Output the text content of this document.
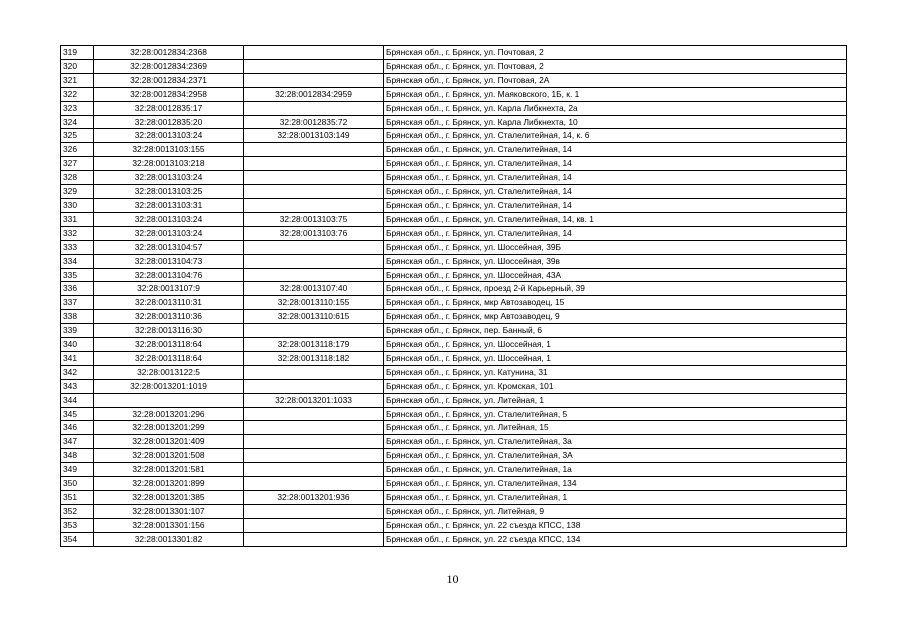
319	32:28:0012834:2368		Брянская обл., г. Брянск, ул. Почтовая, 2
320	32:28:0012834:2369		Брянская обл., г. Брянск, ул. Почтовая, 2
321	32:28:0012834:2371		Брянская обл., г. Брянск, ул. Почтовая, 2А
322	32:28:0012834:2958	32:28:0012834:2959	Брянская обл., г. Брянск, ул. Маяковского, 1Б, к. 1
323	32:28:0012835:17		Брянская обл., г. Брянск, ул. Карла Либкнехта, 2а
324	32:28:0012835:20	32:28:0012835:72	Брянская обл., г. Брянск, ул. Карла Либкнехта, 10
325	32:28:0013103:24	32:28:0013103:149	Брянская обл., г. Брянск, ул. Сталелитейная, 14, к. 6
326	32:28:0013103:155		Брянская обл., г. Брянск, ул. Сталелитейная, 14
327	32:28:0013103:218		Брянская обл., г. Брянск, ул. Сталелитейная, 14
328	32:28:0013103:24		Брянская обл., г. Брянск, ул. Сталелитейная, 14
329	32:28:0013103:25		Брянская обл., г. Брянск, ул. Сталелитейная, 14
330	32:28:0013103:31		Брянская обл., г. Брянск, ул. Сталелитейная, 14
331	32:28:0013103:24	32:28:0013103:75	Брянская обл., г. Брянск, ул. Сталелитейная, 14, кв. 1
332	32:28:0013103:24	32:28:0013103:76	Брянская обл., г. Брянск, ул. Сталелитейная, 14
333	32:28:0013104:57		Брянская обл., г. Брянск, ул. Шоссейная, 39Б
334	32:28:0013104:73		Брянская обл., г. Брянск, ул. Шоссейная, 39в
335	32:28:0013104:76		Брянская обл., г. Брянск, ул. Шоссейная, 43А
336	32:28:0013107:9	32:28:0013107:40	Брянская обл., г. Брянск, проезд 2-й Карьерный, 39
337	32:28:0013110:31	32:28:0013110:155	Брянская обл., г. Брянск, мкр Автозаводец, 15
338	32:28:0013110:36	32:28:0013110:615	Брянская обл., г. Брянск, мкр Автозаводец, 9
339	32:28:0013116:30		Брянская обл., г. Брянск, пер. Банный, 6
340	32:28:0013118:64	32:28:0013118:179	Брянская обл., г. Брянск, ул. Шоссейная, 1
341	32:28:0013118:64	32:28:0013118:182	Брянская обл., г. Брянск, ул. Шоссейная, 1
342	32:28:0013122:5		Брянская обл., г. Брянск, ул. Катунина, 31
343	32:28:0013201:1019		Брянская обл., г. Брянск, ул. Кромская, 101
344		32:28:0013201:1033	Брянская обл., г. Брянск, ул. Литейная, 1
345	32:28:0013201:296		Брянская обл., г. Брянск, ул. Сталелитейная, 5
346	32:28:0013201:299		Брянская обл., г. Брянск, ул. Литейная, 15
347	32:28:0013201:409		Брянская обл., г. Брянск, ул. Сталелитейная, 3а
348	32:28:0013201:508		Брянская обл., г. Брянск, ул. Сталелитейная, 3А
349	32:28:0013201:581		Брянская обл., г. Брянск, ул. Сталелитейная, 1а
350	32:28:0013201:899		Брянская обл., г. Брянск, ул. Сталелитейная, 134
351	32:28:0013201:385	32:28:0013201:936	Брянская обл., г. Брянск, ул. Сталелитейная, 1
352	32:28:0013301:107		Брянская обл., г. Брянск, ул. Литейная, 9
353	32:28:0013301:156		Брянская обл., г. Брянск, ул. 22 съезда КПСС, 138
354	32:28:0013301:82		Брянская обл., г. Брянск, ул. 22 съезда КПСС, 134
10
